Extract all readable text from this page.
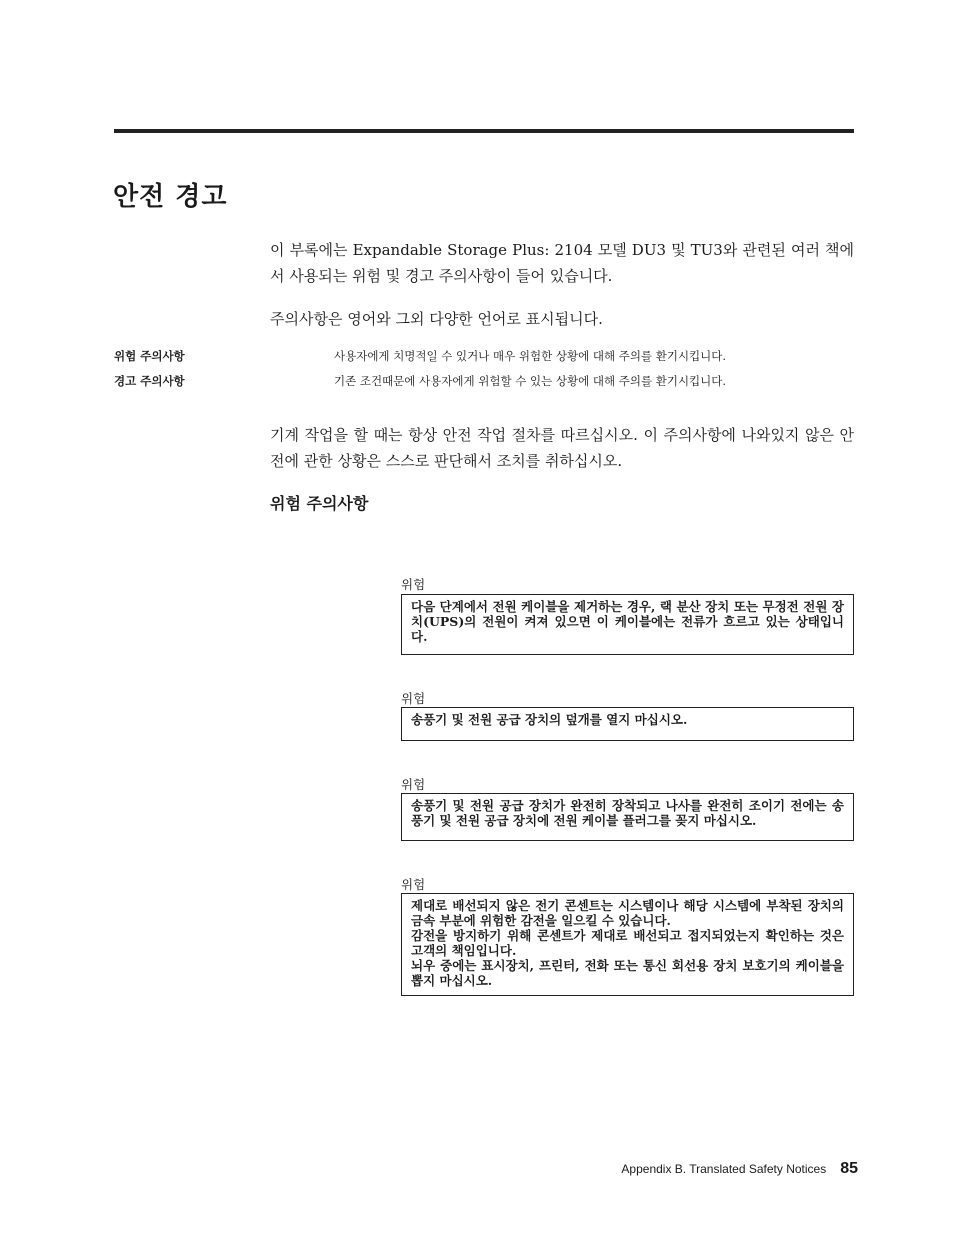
안전 경고

이 부록에는 Expandable Storage Plus: 2104 모델 DU3 및 TU3와 관련된 여러 책에서 사용되는 위험 및 경고 주의사항이 들어 있습니다.

주의사항은 영어와 그외 다양한 언어로 표시됩니다.

위험 주의사항	사용자에게 치명적일 수 있거나 매우 위험한 상황에 대해 주의를 환기시킵니다.
경고 주의사항	기존 조건때문에 사용자에게 위험할 수 있는 상황에 대해 주의를 환기시킵니다.

기계 작업을 할 때는 항상 안전 작업 절차를 따르십시오. 이 주의사항에 나와있지 않은 안전에 관한 상황은 스스로 판단해서 조치를 취하십시오.

위험 주의사항
위험

다음 단계에서 전원 케이블을 제거하는 경우, 랙 분산 장치 또는 무정전 전원 장치(UPS)의 전원이 켜져 있으면 이 케이블에는 전류가 흐르고 있는 상태입니다.

위험

송풍기 및 전원 공급 장치의 덮개를 열지 마십시오.

위험

송풍기 및 전원 공급 장치가 완전히 장착되고 나사를 완전히 조이기 전에는 송풍기 및 전원 공급 장치에 전원 케이블 플러그를 꽂지 마십시오.

위험

제대로 배선되지 않은 전기 콘센트는 시스템이나 해당 시스템에 부착된 장치의 금속 부분에 위험한 감전을 일으킬 수 있습니다.

감전을 방지하기 위해 콘센트가 제대로 배선되고 접지되었는지 확인하는 것은 고객의 책임입니다.

뇌우 중에는 표시장치, 프린터, 전화 또는 통신 회선용 장치 보호기의 케이블을 뽑지 마십시오.

Appendix B. Translated Safety Notices 85
